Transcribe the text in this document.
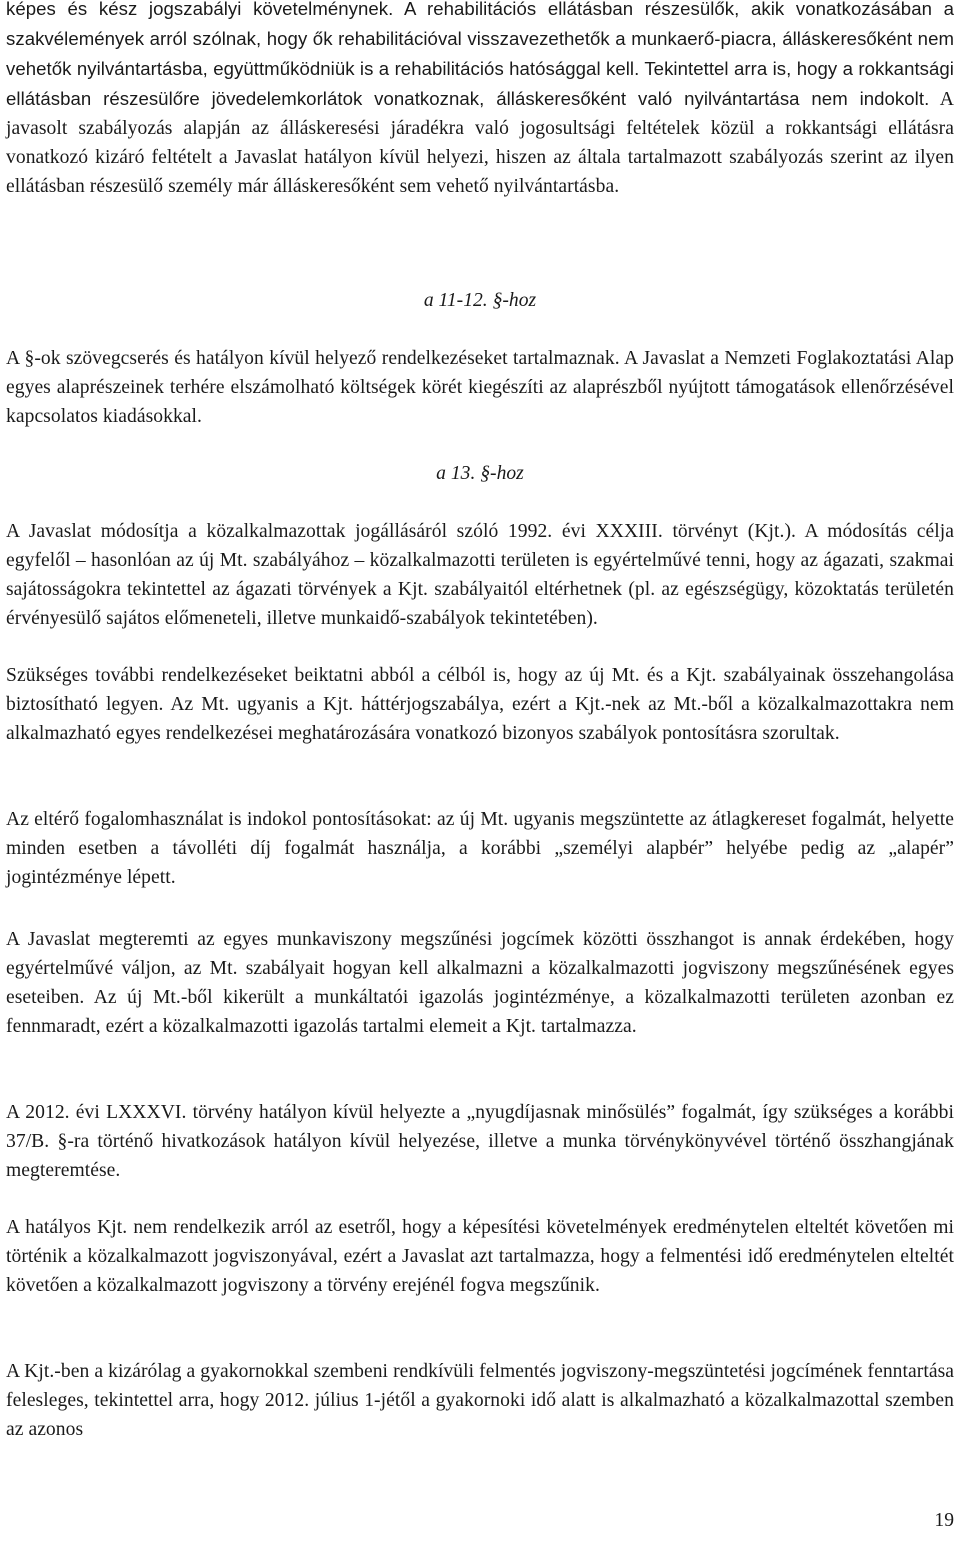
képes és kész jogszabályi követelménynek. A rehabilitációs ellátásban részesülők, akik vonatkozásában a szakvélemények arról szólnak, hogy ők rehabilitációval visszavezethetők a munkaerő-piacra, álláskeresőként nem vehetők nyilvántartásba, együttműködniük is a rehabilitációs hatósággal kell. Tekintettel arra is, hogy a rokkantsági ellátásban részesülőre jövedelemkorlátok vonatkoznak, álláskeresőként való nyilvántartása nem indokolt. A javasolt szabályozás alapján az álláskeresési járadékra való jogosultsági feltételek közül a rokkantsági ellátásra vonatkozó kizáró feltételt a Javaslat hatályon kívül helyezi, hiszen az általa tartalmazott szabályozás szerint az ilyen ellátásban részesülő személy már álláskeresőként sem vehető nyilvántartásba.

a 11-12. §-hoz

A §-ok szövegcserés és hatályon kívül helyező rendelkezéseket tartalmaznak. A Javaslat a Nemzeti Foglakoztatási Alap egyes alaprészeinek terhére elszámolható költségek körét kiegészíti az alaprészből nyújtott támogatások ellenőrzésével kapcsolatos kiadásokkal.

a 13. §-hoz

A Javaslat módosítja a közalkalmazottak jogállásáról szóló 1992. évi XXXIII. törvényt (Kjt.). A módosítás célja egyfelől – hasonlóan az új Mt. szabályához – közalkalmazotti területen is egyértelművé tenni, hogy az ágazati, szakmai sajátosságokra tekintettel az ágazati törvények a Kjt. szabályaitól eltérhetnek (pl. az egészségügy, közoktatás területén érvényesülő sajátos előmeneteli, illetve munkaidő-szabályok tekintetében).

Szükséges további rendelkezéseket beiktatni abból a célból is, hogy az új Mt. és a Kjt. szabályainak összehangolása biztosítható legyen. Az Mt. ugyanis a Kjt. háttérjogszabálya, ezért a Kjt.-nek az Mt.-ből a közalkalmazottakra nem alkalmazható egyes rendelkezései meghatározására vonatkozó bizonyos szabályok pontosításra szorultak.

Az eltérő fogalomhasználat is indokol pontosításokat: az új Mt. ugyanis megszüntette az átlagkereset fogalmát, helyette minden esetben a távolléti díj fogalmát használja, a korábbi „személyi alapbér” helyébe pedig az „alapér” jogintézménye lépett.

A Javaslat megteremti az egyes munkaviszony megszűnési jogcímek közötti összhangot is annak érdekében, hogy egyértelművé váljon, az Mt. szabályait hogyan kell alkalmazni a közalkalmazotti jogviszony megszűnésének egyes eseteiben. Az új Mt.-ből kikerült a munkáltatói igazolás jogintézménye, a közalkalmazotti területen azonban ez fennmaradt, ezért a közalkalmazotti igazolás tartalmi elemeit a Kjt. tartalmazza.

A 2012. évi LXXXVI. törvény hatályon kívül helyezte a „nyugdíjasnak minősülés” fogalmát, így szükséges a korábbi 37/B. §-ra történő hivatkozások hatályon kívül helyezése, illetve a munka törvénykönyvével történő összhangjának megteremtése.

A hatályos Kjt. nem rendelkezik arról az esetről, hogy a képesítési követelmények eredménytelen elteltét követően mi történik a közalkalmazott jogviszonyával, ezért a Javaslat azt tartalmazza, hogy a felmentési idő eredménytelen elteltét követően a közalkalmazott jogviszony a törvény erejénél fogva megszűnik.

A Kjt.-ben a kizárólag a gyakornokkal szembeni rendkívüli felmentés jogviszony-megszüntetési jogcímének fenntartása felesleges, tekintettel arra, hogy 2012. július 1-jétől a gyakornoki idő alatt is alkalmazható a közalkalmazottal szemben az azonos

19
